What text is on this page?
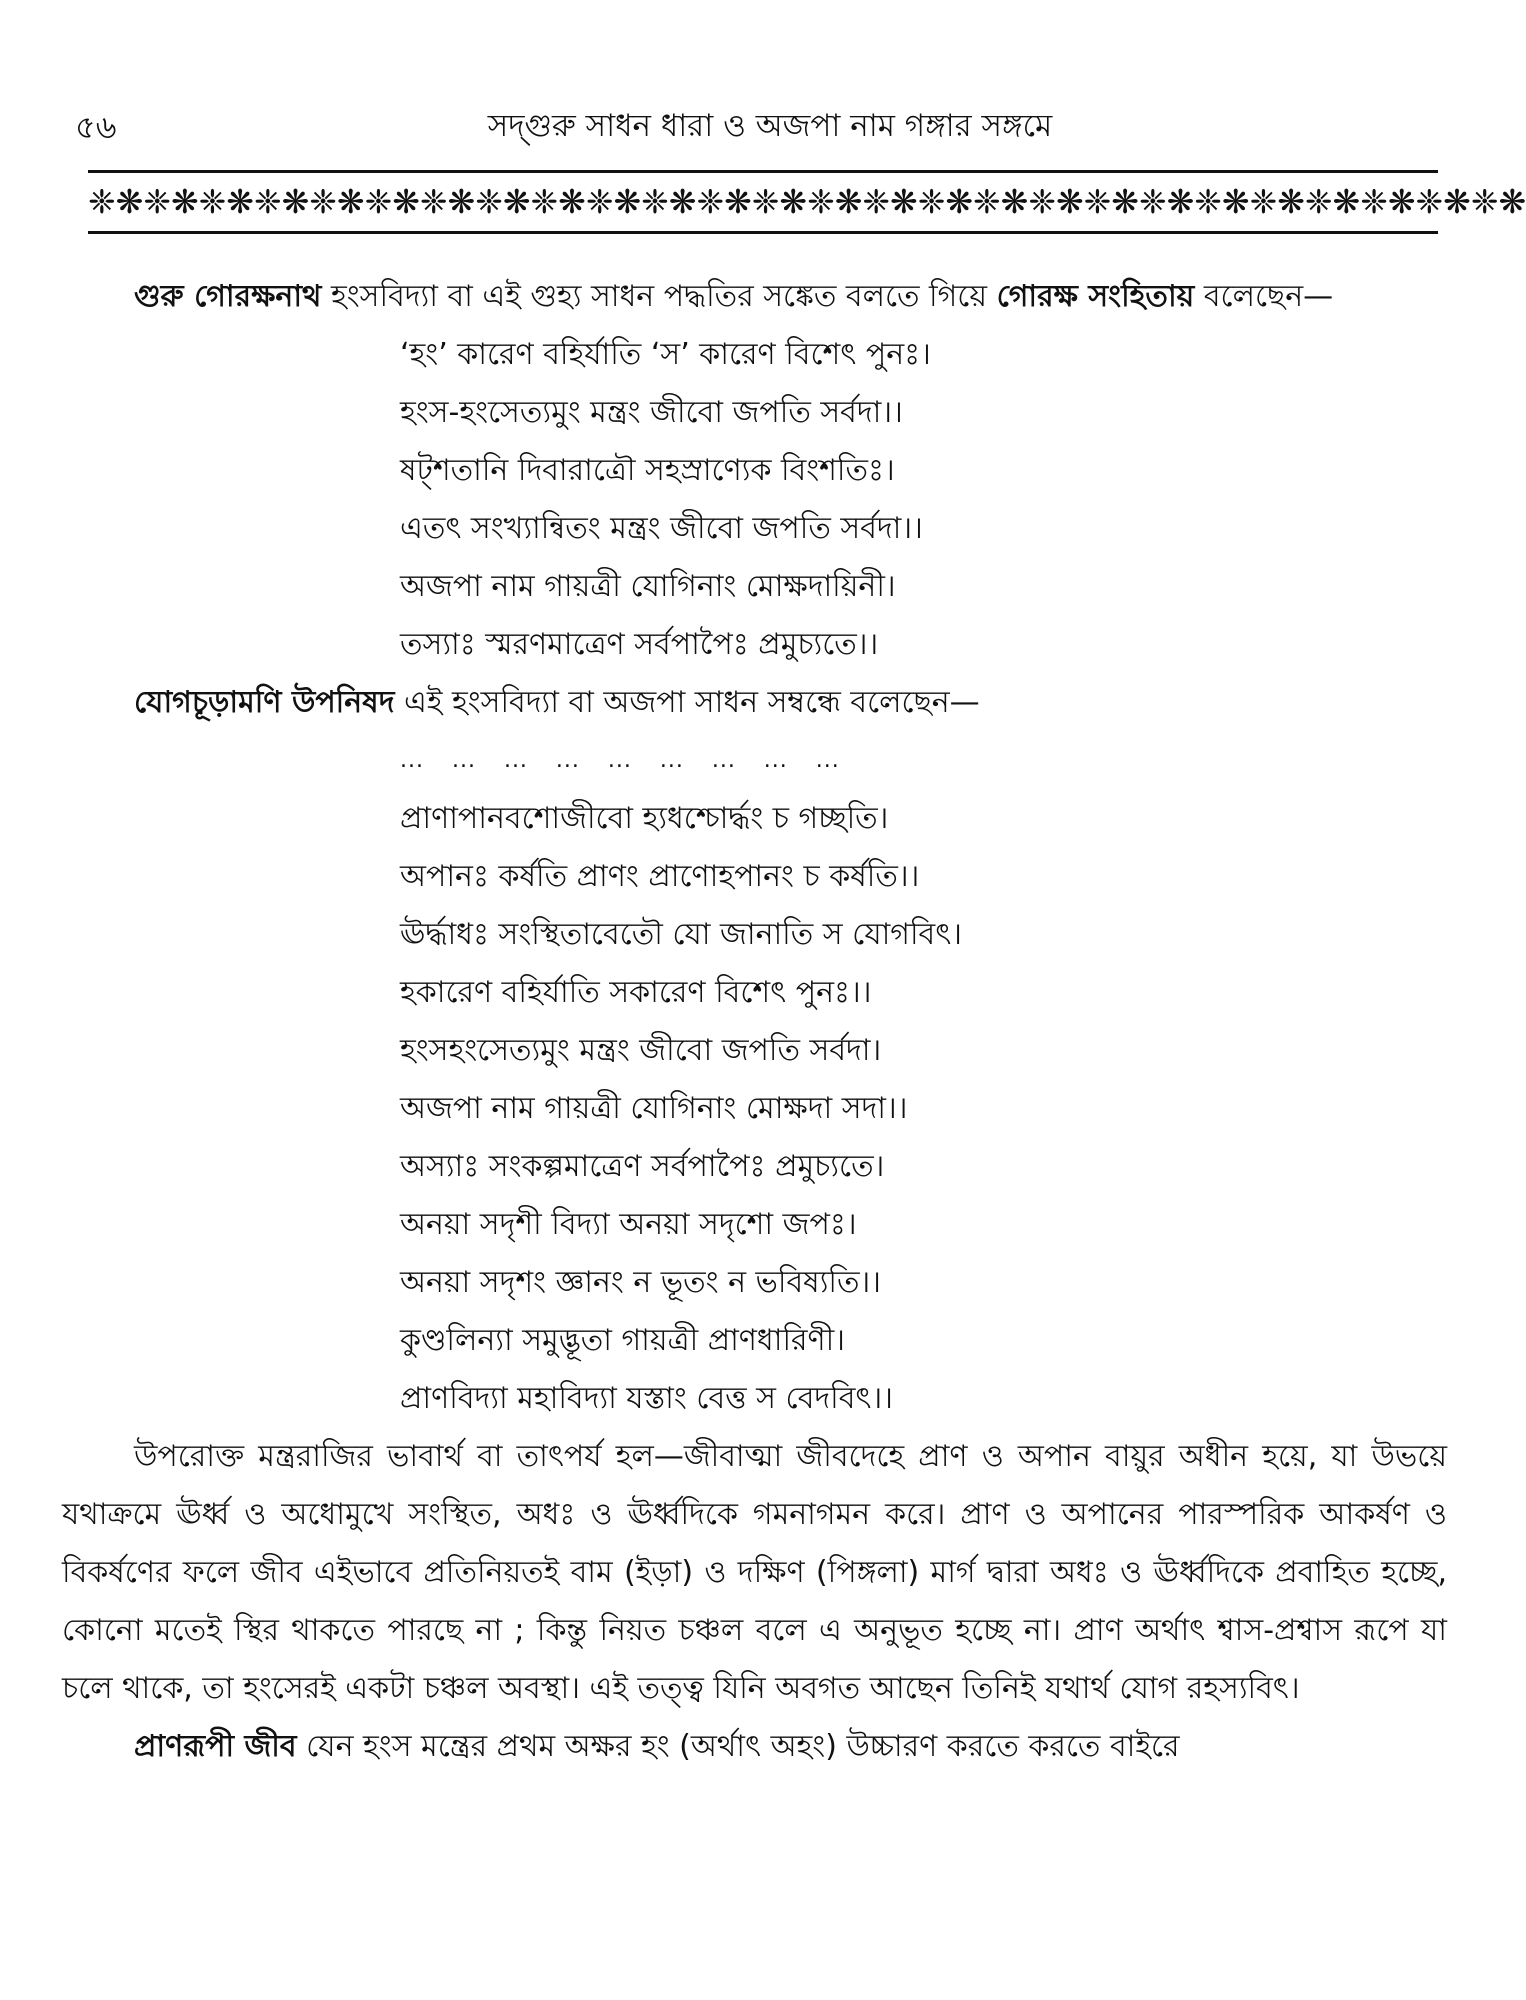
৫৬	সদ্‌গুরু সাধন ধারা ও অজপা নাম গঙ্গার সঙ্গমে
❈❋ ❈❋ ❈❋ ❈❋ ❈❋ ❈❋ ❈❋ ❈❋ ❈❋ ❈❋ ❈❋ ❈❋ ❈❋ ❈❋ ❈❋ ❈❋ ❈❋ ❈❋ ❈❋ ❈❋ ❈❋ ❈❋ ❈❋ ❈❋ ❈❋ ❈❋

গুরু গোরক্ষনাথ হংসবিদ্যা বা এই গুহ্য সাধন পদ্ধতির সঙ্কেত বলতে গিয়ে গোরক্ষ সংহিতায় বলেছেন—

‘হং’ কারেণ বহির্যাতি ‘স’ কারেণ বিশেৎ পুনঃ।
হংস-হংসেত্যমুং মন্ত্রং জীবো জপতি সর্বদা।।
ষট্‌শতানি দিবারাত্রৌ সহস্রাণ্যেক বিংশতিঃ।
এতৎ সংখ্যান্বিতং মন্ত্রং জীবো জপতি সর্বদা।।
অজপা নাম গায়ত্রী যোগিনাং মোক্ষদায়িনী।
তস্যাঃ স্মরণমাত্রেণ সর্বপাপৈঃ প্রমুচ্যতে।।

যোগচূড়ামণি উপনিষদ এই হংসবিদ্যা বা অজপা সাধন সম্বন্ধে বলেছেন—

... ... ... ... ... ... ... ... ...
প্রাণাপানবশোজীবো হ্যধশ্চোর্দ্ধং চ গচ্ছতি।
অপানঃ কর্ষতি প্রাণং প্রাণোহপানং চ কর্ষতি।।
ঊর্দ্ধাধঃ সংস্থিতাবেতৌ যো জানাতি স যোগবিৎ।
হকারেণ বহির্যাতি সকারেণ বিশেৎ পুনঃ।।
হংসহংসেত্যমুং মন্ত্রং জীবো জপতি সর্বদা।
অজপা নাম গায়ত্রী যোগিনাং মোক্ষদা সদা।।
অস্যাঃ সংকল্পমাত্রেণ সর্বপাপৈঃ প্রমুচ্যতে।
অনয়া সদৃশী বিদ্যা অনয়া সদৃশো জপঃ।
অনয়া সদৃশং জ্ঞানং ন ভূতং ন ভবিষ্যতি।।
কুণ্ডলিন্যা সমুদ্ভূতা গায়ত্রী প্রাণধারিণী।
প্রাণবিদ্যা মহাবিদ্যা যস্তাং বেত্ত স বেদবিৎ।।

উপরোক্ত মন্ত্ররাজির ভাবার্থ বা তাৎপর্য হল—জীবাত্মা জীবদেহে প্রাণ ও অপান বায়ুর অধীন হয়ে, যা উভয়ে যথাক্রমে ঊর্ধ্ব ও অধোমুখে সংস্থিত, অধঃ ও ঊর্ধ্বদিকে গমনাগমন করে। প্রাণ ও অপানের পারস্পরিক আকর্ষণ ও বিকর্ষণের ফলে জীব এইভাবে প্রতিনিয়তই বাম (ইড়া) ও দক্ষিণ (পিঙ্গলা) মার্গ দ্বারা অধঃ ও ঊর্ধ্বদিকে প্রবাহিত হচ্ছে, কোনো মতেই স্থির থাকতে পারছে না ; কিন্তু নিয়ত চঞ্চল বলে এ অনুভূত হচ্ছে না। প্রাণ অর্থাৎ শ্বাস-প্রশ্বাস রূপে যা চলে থাকে, তা হংসেরই একটা চঞ্চল অবস্থা। এই তত্ত্ব যিনি অবগত আছেন তিনিই যথার্থ যোগ রহস্যবিৎ।

প্রাণরূপী জীব যেন হংস মন্ত্রের প্রথম অক্ষর হং (অর্থাৎ অহং) উচ্চারণ করতে করতে বাইরে
